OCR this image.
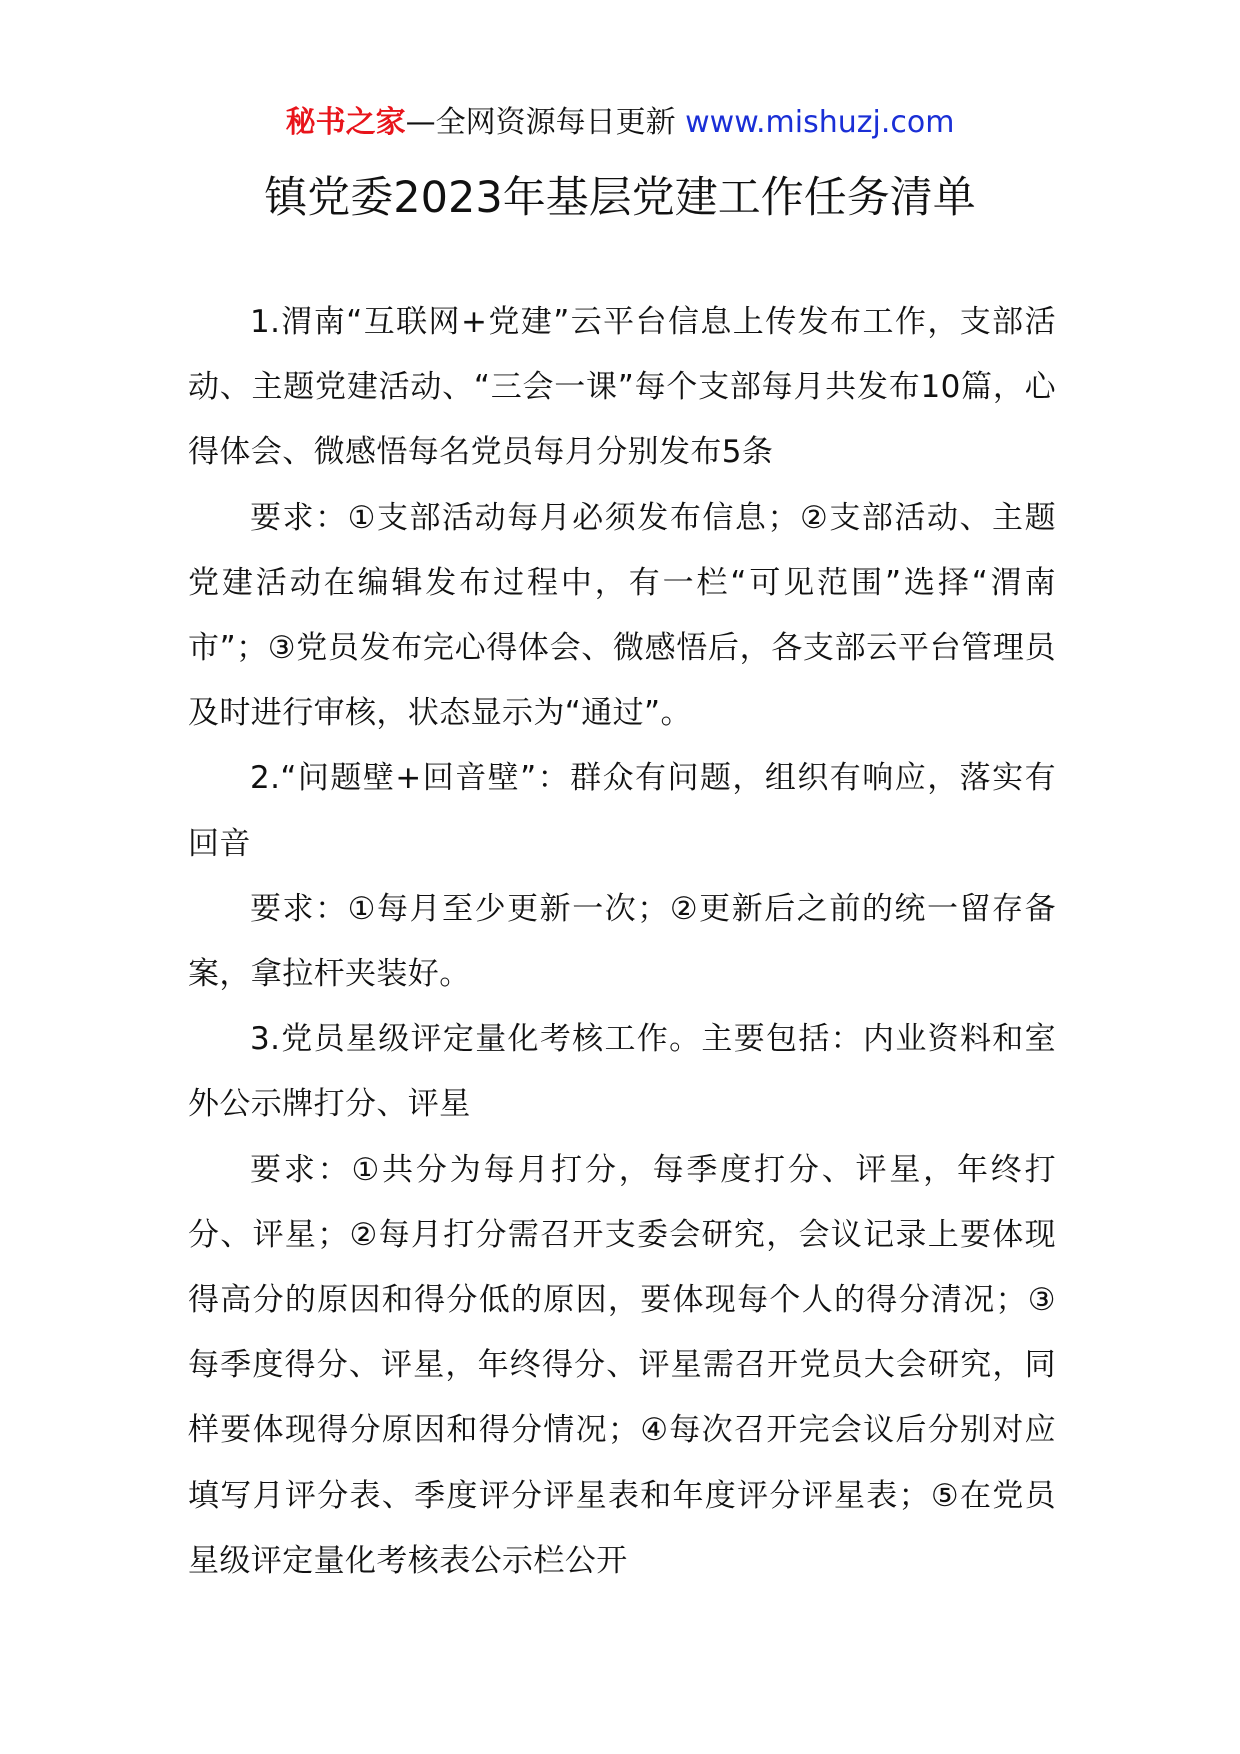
秘书之家—全网资源每日更新 www.mishuzj.com
镇党委2023年基层党建工作任务清单

1.渭南“互联网+党建”云平台信息上传发布工作，支部活动、主题党建活动、“三会一课”每个支部每月共发布10篇，心得体会、微感悟每名党员每月分别发布5条

要求：①支部活动每月必须发布信息；②支部活动、主题党建活动在编辑发布过程中，有一栏“可见范围”选择“渭南市”；③党员发布完心得体会、微感悟后，各支部云平台管理员及时进行审核，状态显示为“通过”。

2.“问题壁+回音壁”：群众有问题，组织有响应，落实有回音

要求：①每月至少更新一次；②更新后之前的统一留存备案，拿拉杆夹装好。

3.党员星级评定量化考核工作。主要包括：内业资料和室外公示牌打分、评星

要求：①共分为每月打分，每季度打分、评星，年终打分、评星；②每月打分需召开支委会研究，会议记录上要体现得高分的原因和得分低的原因，要体现每个人的得分清况；③每季度得分、评星，年终得分、评星需召开党员大会研究，同样要体现得分原因和得分情况；④每次召开完会议后分别对应填写月评分表、季度评分评星表和年度评分评星表；⑤在党员星级评定量化考核表公示栏公开
